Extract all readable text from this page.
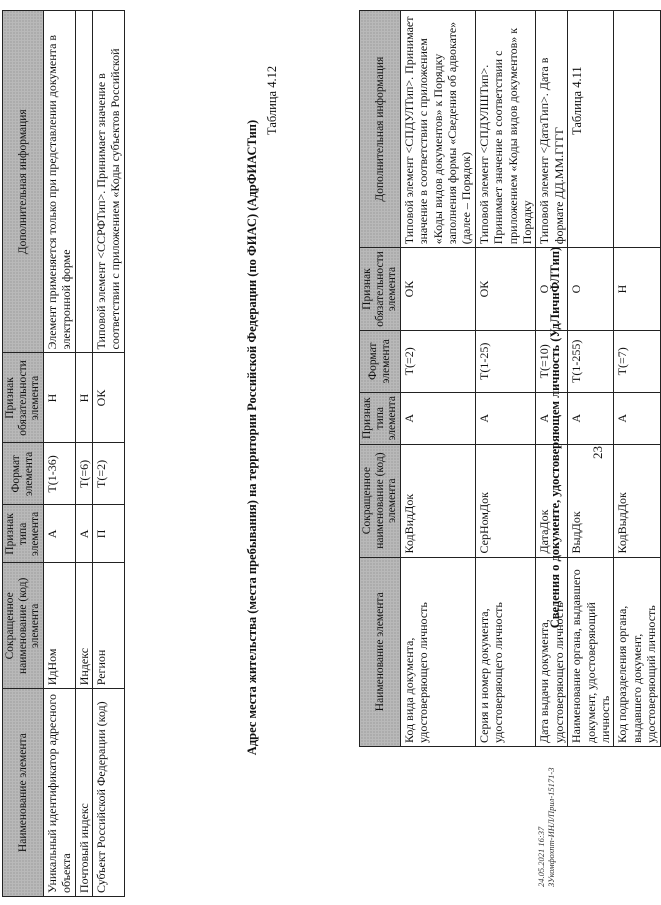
23
Таблица 4.11
Сведения о документе, удостоверяющем личность (УдЛичнФЛТип)
Наименование элемента	Сокращенное наименование (код) элемента	Признак типа элемента	Формат элемента	Признак обязательности элемента	Дополнительная информация
Код вида документа, удостоверяющего личность	КодВидДок	А	T(=2)	ОК	Типовой элемент <СПДУЛТип>. Принимает значение в соответствии с приложением «Коды видов документов» к Порядку заполнения формы «Сведения об адвокате» (далее – Порядок)
Серия и номер документа, удостоверяющего личность	СерНомДок	А	T(1-25)	ОК	Типовой элемент <СПДУЛШТип>. Принимает значение в соответствии с приложением «Коды видов документов» к Порядку
Дата выдачи документа, удостоверяющего личность	ДатаДок	А	T(=10)	О	Типовой элемент <ДатаТип>. Дата в формате ДД.ММ.ГГГГ
Наименование органа, выдавшего документ, удостоверяющий личность	ВыдДок	А	T(1-255)	О	
Код подразделения органа, выдавшего документ, удостоверяющий личность	КодВыдДок	А	T(=7)	Н	
Таблица 4.12
Адрес места жительства (места пребывания) на территории Российской Федерации (по ФИАС) (АдрФИАСТип)
Наименование элемента	Сокращенное наименование (код) элемента	Признак типа элемента	Формат элемента	Признак обязательности элемента	Дополнительная информация
Уникальный идентификатор адресного объекта	ИдНом	А	T(1-36)	Н	Элемент применяется только при представлении документа в электронной форме
Почтовый индекс	Индекс	А	T(=6)	Н	
Субъект Российской Федерации (код)	Регион	П	T(=2)	ОК	Типовой элемент <ССРФТип>. Принимает значение в соответствии с приложением «Коды субъектов Российской
24.05.2021 16:37 ЗУкомфохпт-ИНЛ/Прил-15171-3
